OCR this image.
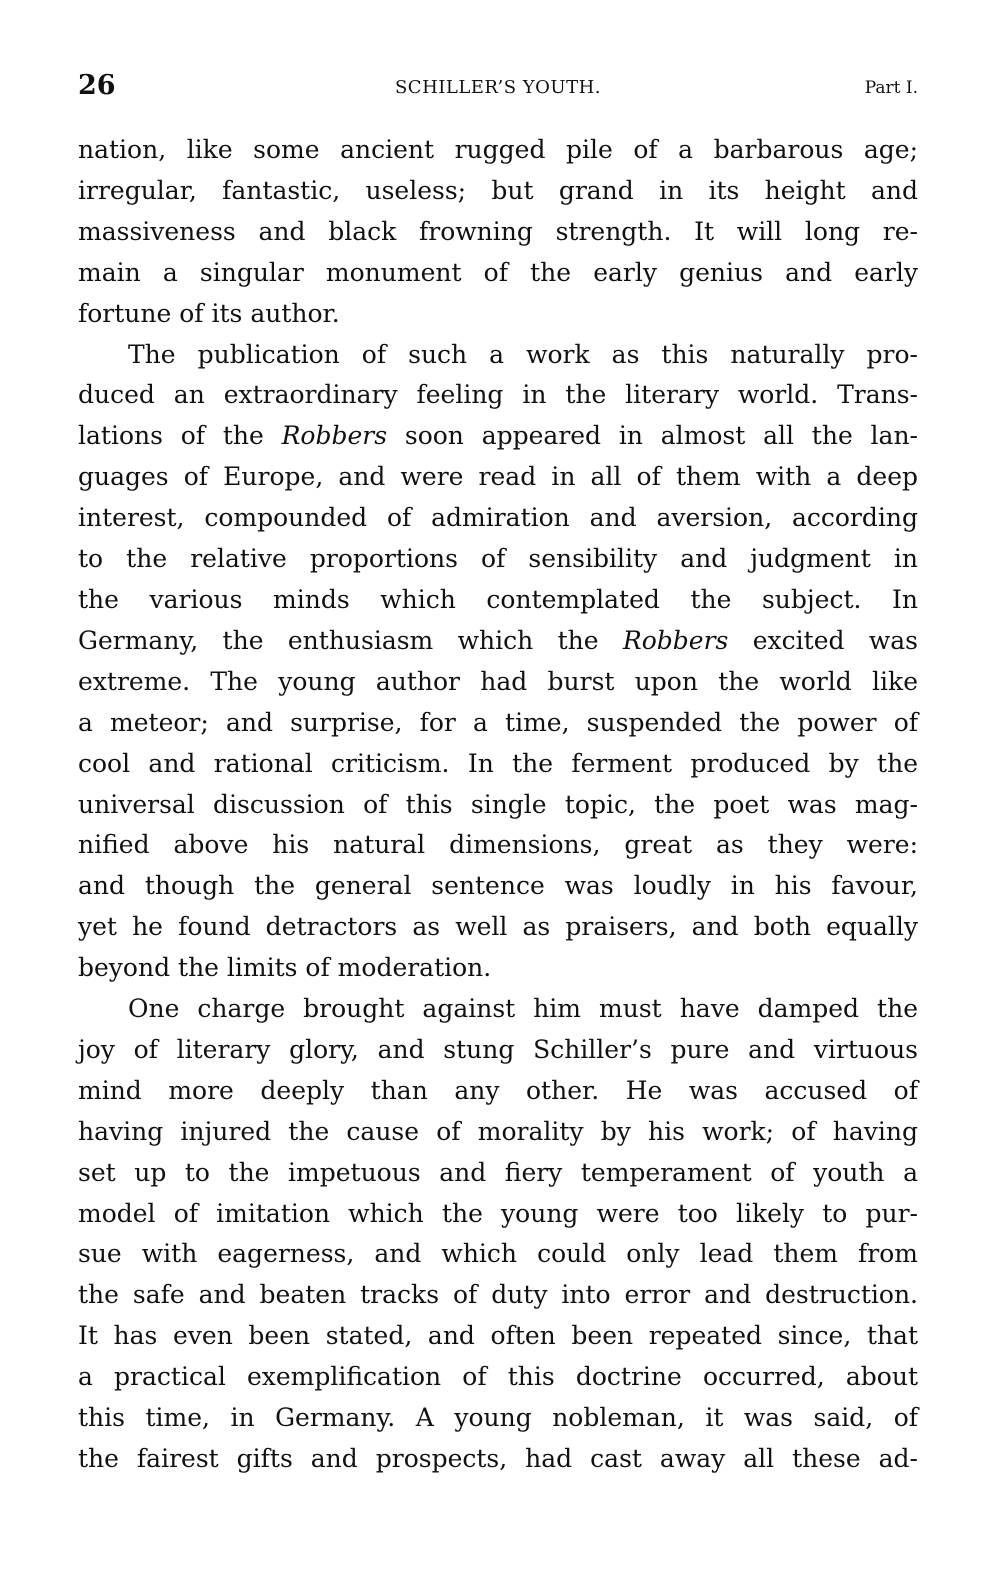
26	SCHILLER’S YOUTH.	Part I.

nation, like some ancient rugged pile of a barbarous age;
irregular, fantastic, useless; but grand in its height and
massiveness and black frowning strength. It will long re-
main a singular monument of the early genius and early
fortune of its author.

The publication of such a work as this naturally pro-
duced an extraordinary feeling in the literary world. Trans-
lations of the Robbers soon appeared in almost all the lan-
guages of Europe, and were read in all of them with a deep
interest, compounded of admiration and aversion, according
to the relative proportions of sensibility and judgment in
the various minds which contemplated the subject. In
Germany, the enthusiasm which the Robbers excited was
extreme. The young author had burst upon the world like
a meteor; and surprise, for a time, suspended the power of
cool and rational criticism. In the ferment produced by the
universal discussion of this single topic, the poet was mag-
nified above his natural dimensions, great as they were:
and though the general sentence was loudly in his favour,
yet he found detractors as well as praisers, and both equally
beyond the limits of moderation.

One charge brought against him must have damped the
joy of literary glory, and stung Schiller’s pure and virtuous
mind more deeply than any other. He was accused of
having injured the cause of morality by his work; of having
set up to the impetuous and fiery temperament of youth a
model of imitation which the young were too likely to pur-
sue with eagerness, and which could only lead them from
the safe and beaten tracks of duty into error and destruction.
It has even been stated, and often been repeated since, that
a practical exemplification of this doctrine occurred, about
this time, in Germany. A young nobleman, it was said, of
the fairest gifts and prospects, had cast away all these ad-
